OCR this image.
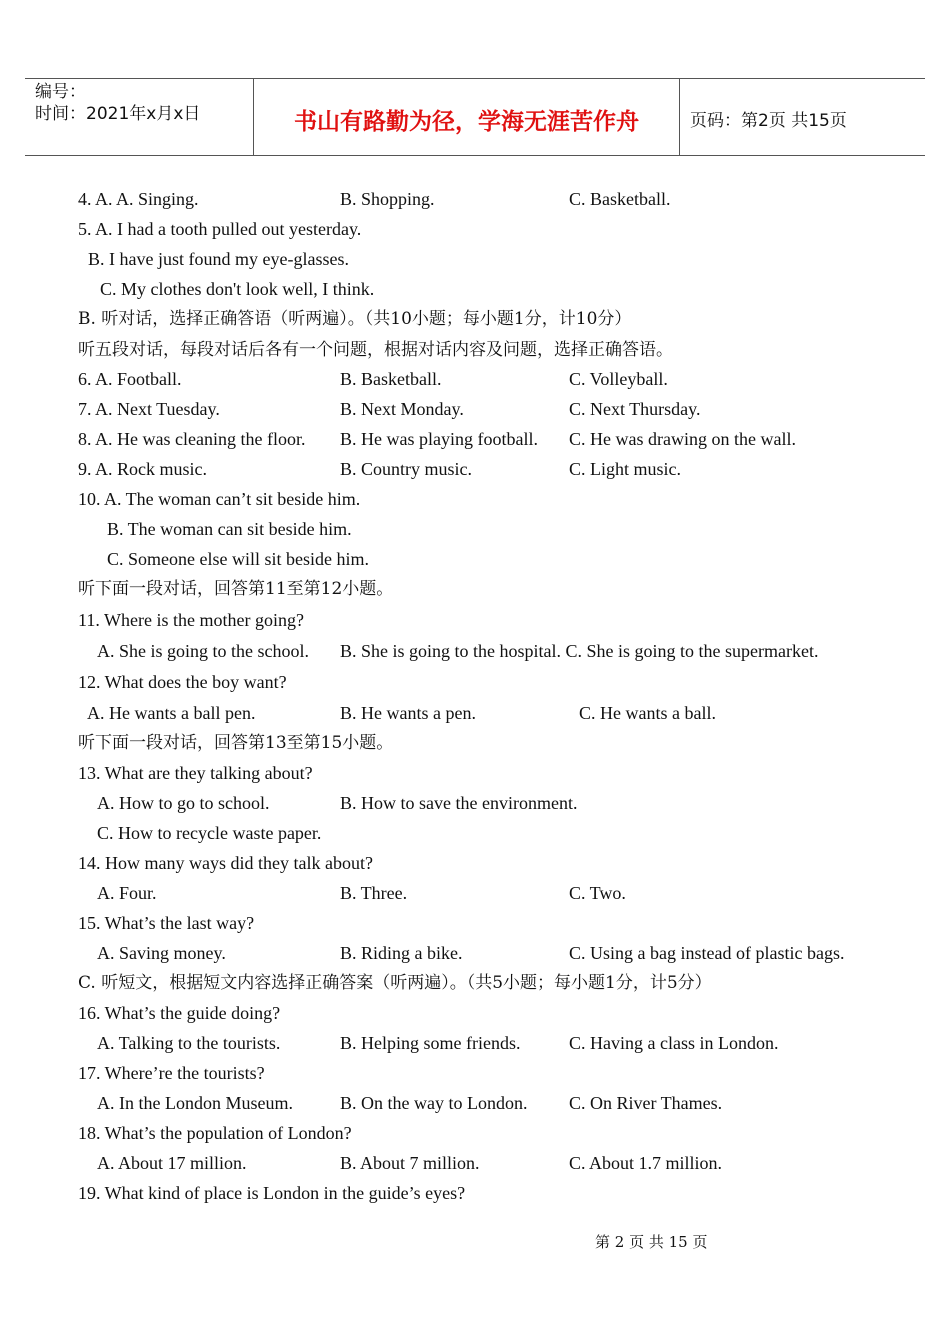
编号：
时间：2021年x月x日	书山有路勤为径，学海无涯苦作舟	页码：第2页 共15页
4. A. A. Singing.	B. Shopping.	C. Basketball.
5. A. I had a tooth pulled out yesterday.
B. I have just found my eye-glasses.
C. My clothes don't look well, I think.
B. 听对话，选择正确答语（听两遍）。（共10小题；每小题1分，计10分）
听五段对话，每段对话后各有一个问题，根据对话内容及问题，选择正确答语。
6. A. Football.	B. Basketball.	C. Volleyball.
7. A. Next Tuesday.	B. Next Monday.	C. Next Thursday.
8. A. He was cleaning the floor. B. He was playing football. C. He was drawing on the wall.
9. A. Rock music.	B. Country music.	C. Light music.
10. A. The woman can’t sit beside him.
B. The woman can sit beside him.
C. Someone else will sit beside him.
听下面一段对话，回答第11至第12小题。
11. Where is the mother going?
A. She is going to the school. B. She is going to the hospital. C. She is going to the supermarket.
12. What does the boy want?
A. He wants a ball pen.	B. He wants a pen.	C. He wants a ball.
听下面一段对话，回答第13至第15小题。
13. What are they talking about?
A. How to go to school.	B. How to save the environment.
C. How to recycle waste paper.
14. How many ways did they talk about?
A. Four.	B. Three.	C. Two.
15. What’s the last way?
A. Saving money.	B. Riding a bike.	C. Using a bag instead of plastic bags.
C. 听短文，根据短文内容选择正确答案（听两遍）。（共5小题；每小题1分，计5分）
16. What’s the guide doing?
A. Talking to the tourists.	B. Helping some friends.	C. Having a class in London.
17. Where’re the tourists?
A. In the London Museum.	B. On the way to London. C. On River Thames.
18. What’s the population of London?
A. About 17 million.	B. About 7 million.	C. About 1.7 million.
19. What kind of place is London in the guide’s eyes?
第 2 页 共 15 页
